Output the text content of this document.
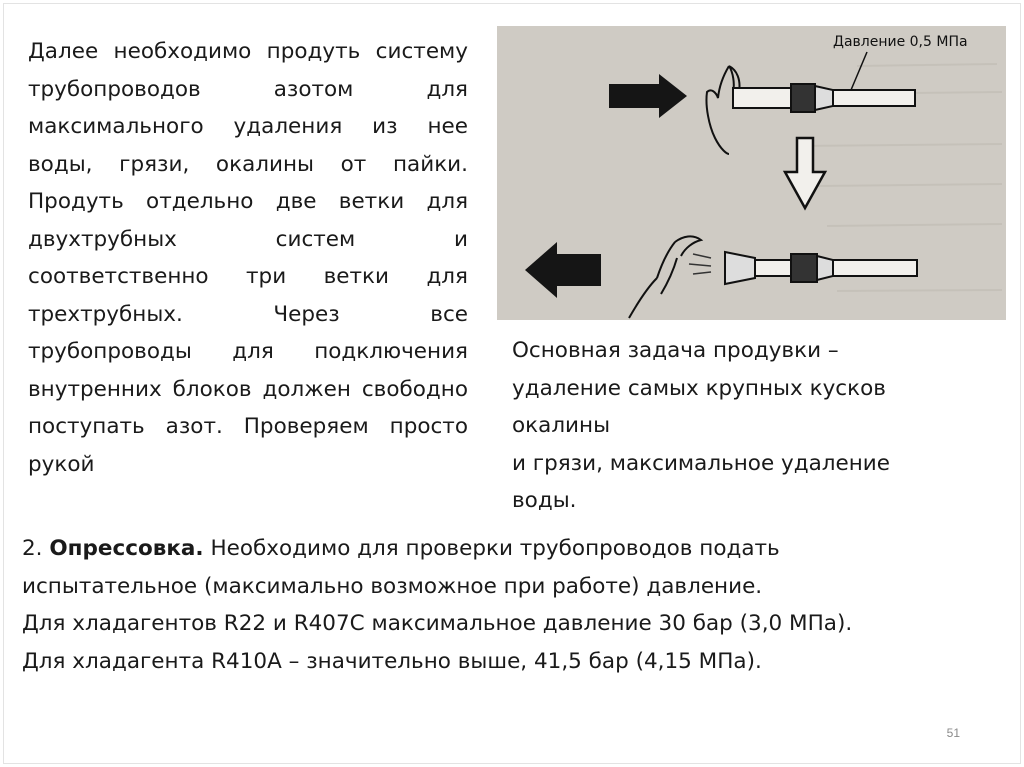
Далее необходимо продуть систему трубопроводов азотом для максимального удаления из нее воды, грязи, окалины от пайки. Продуть отдельно две ветки для двухтрубных систем и соответственно три ветки для трехтрубных. Через все трубопроводы для подключения внутренних блоков должен свободно поступать азот. Проверяем просто рукой
Давление 0,5 МПа

Основная задача продувки –

удаление самых крупных кусков

окалины

и грязи, максимальное удаление

воды.

2. Опрессовка. Необходимо для проверки трубопроводов подать

испытательное (максимально возможное при работе) давление.

Для хладагентов R22 и R407C максимальное давление 30 бар (3,0 МПа).

Для хладагента R410A – значительно выше, 41,5 бар (4,15 МПа).

51
